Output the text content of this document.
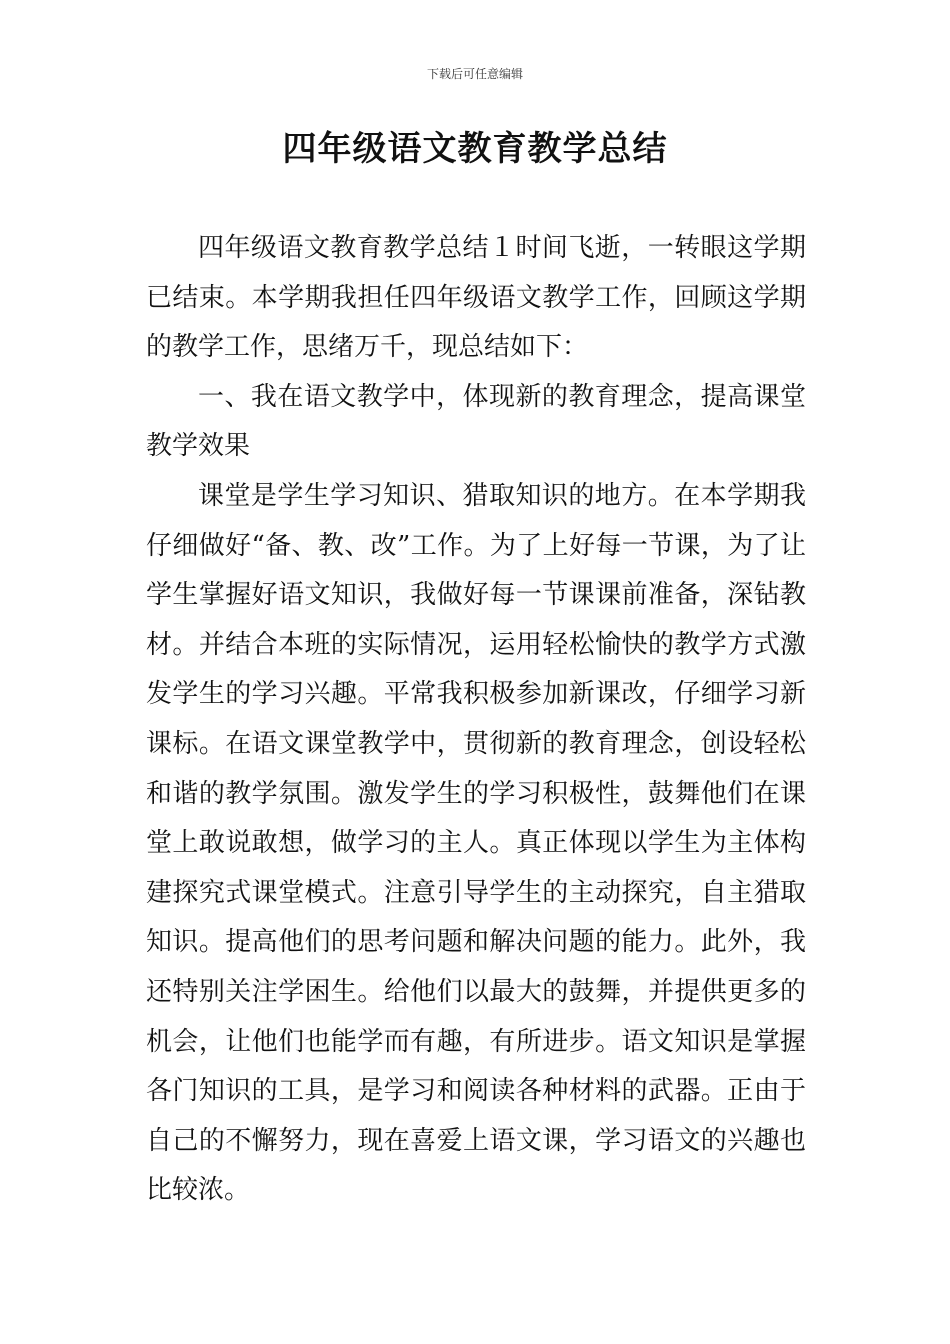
下载后可任意编辑
四年级语文教育教学总结

四年级语文教育教学总结１时间飞逝，一转眼这学期已结束。本学期我担任四年级语文教学工作，回顾这学期的教学工作，思绪万千，现总结如下：

一、我在语文教学中，体现新的教育理念，提高课堂教学效果

课堂是学生学习知识、猎取知识的地方。在本学期我仔细做好“备、教、改”工作。为了上好每一节课，为了让学生掌握好语文知识，我做好每一节课课前准备，深钻教材。并结合本班的实际情况，运用轻松愉快的教学方式激发学生的学习兴趣。平常我积极参加新课改，仔细学习新课标。在语文课堂教学中，贯彻新的教育理念，创设轻松和谐的教学氛围。激发学生的学习积极性，鼓舞他们在课堂上敢说敢想，做学习的主人。真正体现以学生为主体构建探究式课堂模式。注意引导学生的主动探究，自主猎取知识。提高他们的思考问题和解决问题的能力。此外，我还特别关注学困生。给他们以最大的鼓舞，并提供更多的机会，让他们也能学而有趣，有所进步。语文知识是掌握各门知识的工具，是学习和阅读各种材料的武器。正由于自己的不懈努力，现在喜爱上语文课，学习语文的兴趣也比较浓。
